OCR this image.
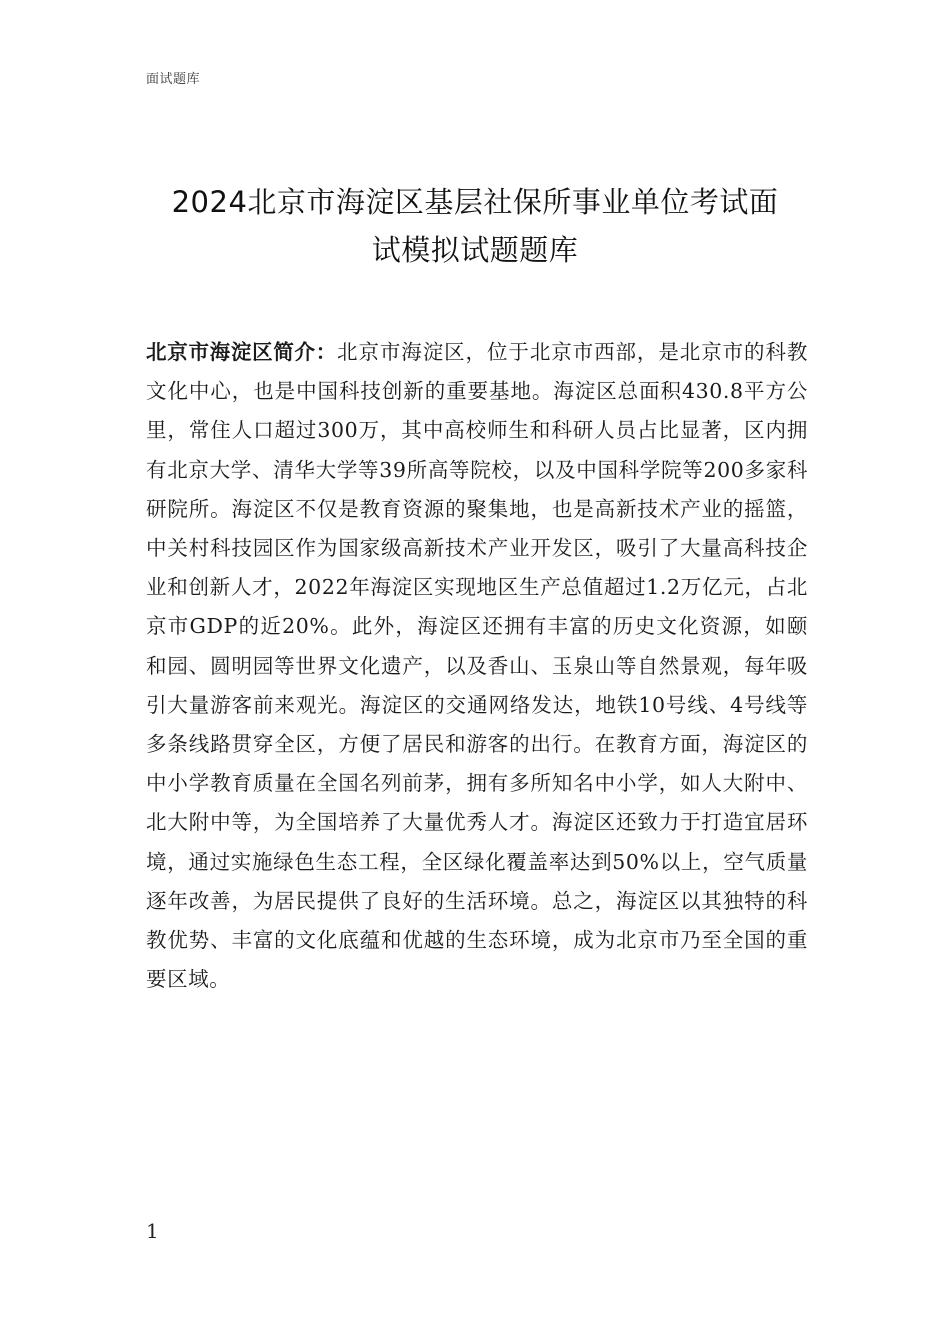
面试题库
2024北京市海淀区基层社保所事业单位考试面
试模拟试题题库
北京市海淀区简介：北京市海淀区，位于北京市西部，是北京市的科教文化中心，也是中国科技创新的重要基地。海淀区总面积430.8平方公里，常住人口超过300万，其中高校师生和科研人员占比显著，区内拥有北京大学、清华大学等39所高等院校，以及中国科学院等200多家科研院所。海淀区不仅是教育资源的聚集地，也是高新技术产业的摇篮，中关村科技园区作为国家级高新技术产业开发区，吸引了大量高科技企业和创新人才，2022年海淀区实现地区生产总值超过1.2万亿元，占北京市GDP的近20%。此外，海淀区还拥有丰富的历史文化资源，如颐和园、圆明园等世界文化遗产，以及香山、玉泉山等自然景观，每年吸引大量游客前来观光。海淀区的交通网络发达，地铁10号线、4号线等多条线路贯穿全区，方便了居民和游客的出行。在教育方面，海淀区的中小学教育质量在全国名列前茅，拥有多所知名中小学，如人大附中、北大附中等，为全国培养了大量优秀人才。海淀区还致力于打造宜居环境，通过实施绿色生态工程，全区绿化覆盖率达到50%以上，空气质量逐年改善，为居民提供了良好的生活环境。总之，海淀区以其独特的科教优势、丰富的文化底蕴和优越的生态环境，成为北京市乃至全国的重要区域。
1
